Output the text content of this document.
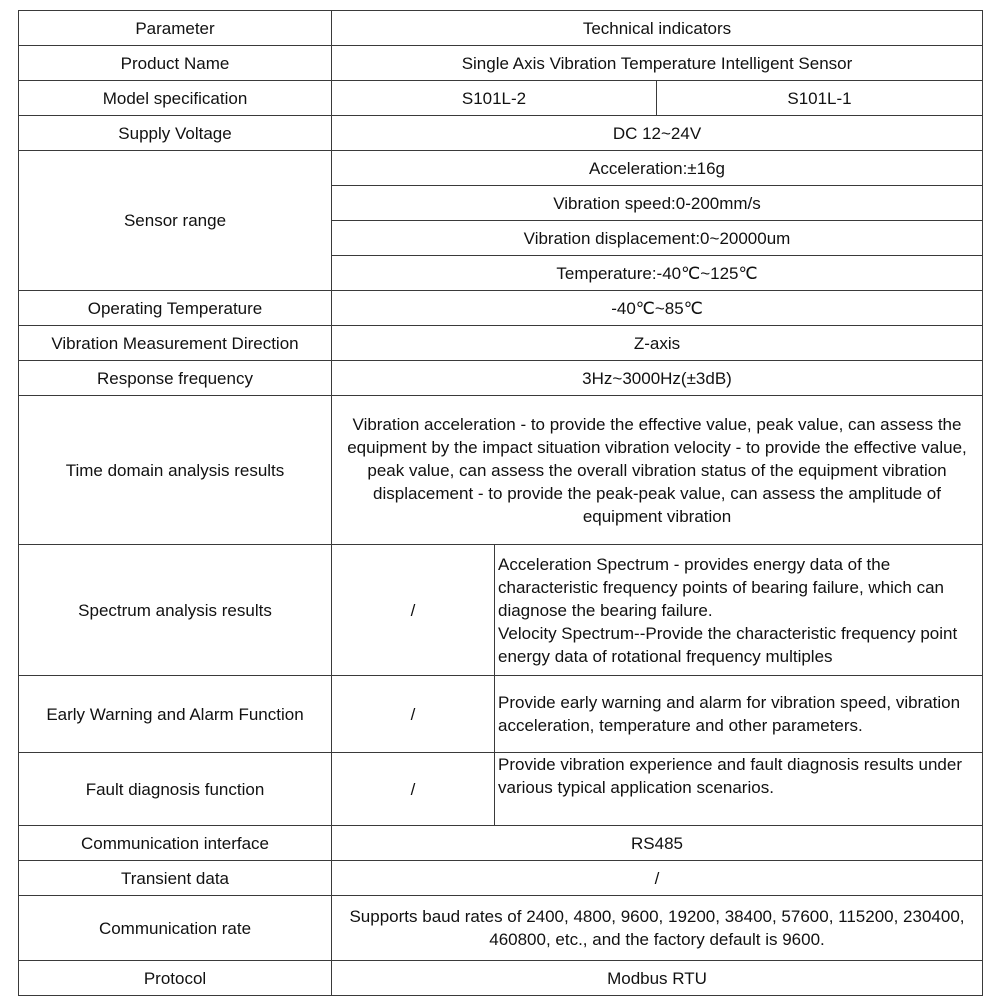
Parameter	Technical indicators		
Product Name	Single Axis Vibration Temperature Intelligent Sensor		
Model specification	S101L-2		S101L-1
Supply Voltage	DC 12~24V		
Sensor range	Acceleration:±16g		
	Vibration speed:0-200mm/s		
	Vibration displacement:0~20000um		
	Temperature:-40℃~125℃		
Operating Temperature	-40℃~85℃		
Vibration Measurement Direction	Z-axis		
Response frequency	3Hz~3000Hz(±3dB)		
Time domain analysis results	Vibration acceleration - to provide the effective value, peak value, can assess the equipment by the impact situation vibration velocity - to provide the effective value, peak value, can assess the overall vibration status of the equipment vibration displacement - to provide the peak-peak value, can assess the amplitude of equipment vibration		
Spectrum analysis results	/	Acceleration Spectrum - provides energy data of the characteristic frequency points of bearing failure, which can diagnose the bearing failure.
Velocity Spectrum--Provide the characteristic frequency point energy data of rotational frequency multiples	

Early Warning and Alarm Function	/	Provide early warning and alarm for vibration speed, vibration acceleration, temperature and other parameters.	
Fault diagnosis function	/	Provide vibration experience and fault diagnosis results under various typical application scenarios.	
Communication interface	RS485		
Transient data	/		
Communication rate	Supports baud rates of 2400, 4800, 9600, 19200, 38400, 57600, 115200, 230400, 460800, etc., and the factory default is 9600.		
Protocol	Modbus RTU		
